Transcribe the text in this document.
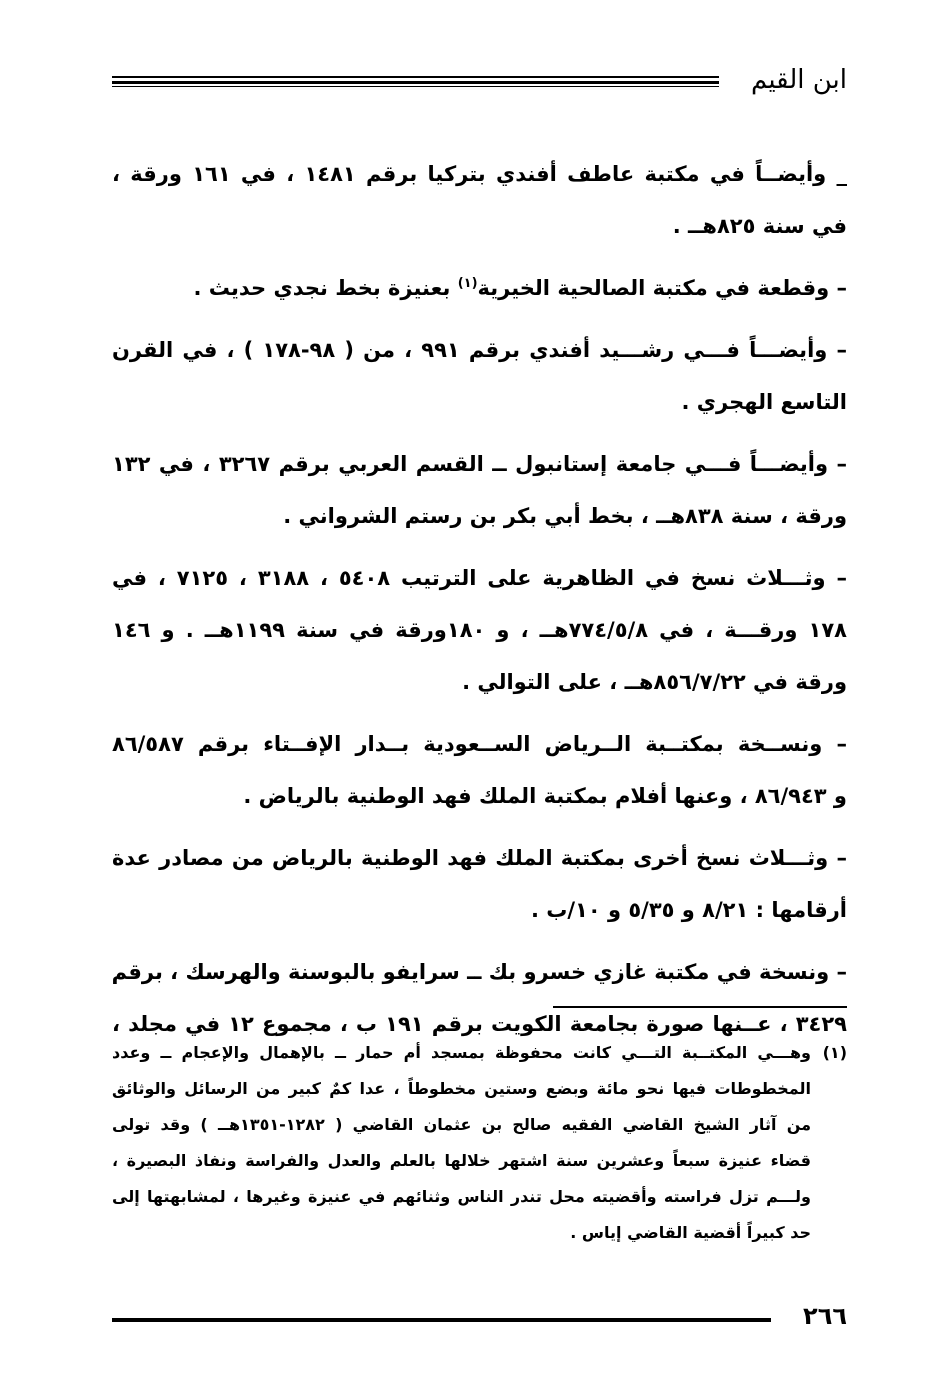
ابن القيم

_ وأيضــاً في مكتبة عاطف أفندي بتركيا برقم ١٤٨١ ، في ١٦١ ورقة ،
في سنة ٨٢٥هــ .

– وقطعة في مكتبة الصالحية الخيرية$^{(١)}$ بعنيزة بخط نجدي حديث .

– وأيضـــاً فـــي رشـــيد أفندي برقم ٩٩١ ، من ( ٩٨-١٧٨ ) ، في القرن
التاسع الهجري .

– وأيضـــاً فـــي جامعة إستانبول ــ القسم العربي برقم ٣٢٦٧ ، في ١٣٢
ورقة ، سنة ٨٣٨هــ ، بخط أبي بكر بن رستم الشرواني .

– وثـــلاث نسخ في الظاهرية على الترتيب ٥٤٠٨ ، ٣١٨٨ ، ٧١٢٥ ، في
١٧٨ ورقـــة ، في ٧٧٤/٥/٨هــ ، و ١٨٠ورقة في سنة ١١٩٩هــ . و ١٤٦
ورقة في ٨٥٦/٧/٢٢هــ ، على التوالي .

– ونســخة بمكتــبة الــرياض الســعودية بــدار الإفــتاء برقم ٨٦/٥٨٧
و ٨٦/٩٤٣ ، وعنها أفلام بمكتبة الملك فهد الوطنية بالرياض .

– وثـــلاث نسخ أخرى بمكتبة الملك فهد الوطنية بالرياض من مصادر عدة
أرقامها : ٨/٢١ و ٥/٣٥ و ١٠/ب .

– ونسخة في مكتبة غازي خسرو بك ــ سرايفو بالبوسنة والهرسك ، برقم
٣٤٢٩ ، عــنها صورة بجامعة الكويت برقم ١٩١ ب ، مجموع ١٢ في مجلد ،

(١)
وهـــي المكتــبة التـــي كانت محفوظة بمسجد أم حمار ــ بالإهمال والإعجام ــ وعدد
المخطوطات فيها نحو مائة وبضع وستين مخطوطاً ، عدا كمٌ كبير من الرسائل والوثائق
من آثار الشيخ القاضي الفقيه صالح بن عثمان القاضي ( ١٢٨٢-١٣٥١هــ ) وقد تولى
قضاء عنيزة سبعاً وعشرين سنة اشتهر خلالها بالعلم والعدل والفراسة ونفاذ البصيرة ،
ولـــم تزل فراسته وأقضيته محل تندر الناس وثنائهم في عنيزة وغيرها ، لمشابهتها إلى
حد كبيراً أقضية القاضي إياس .
٢٦٦
